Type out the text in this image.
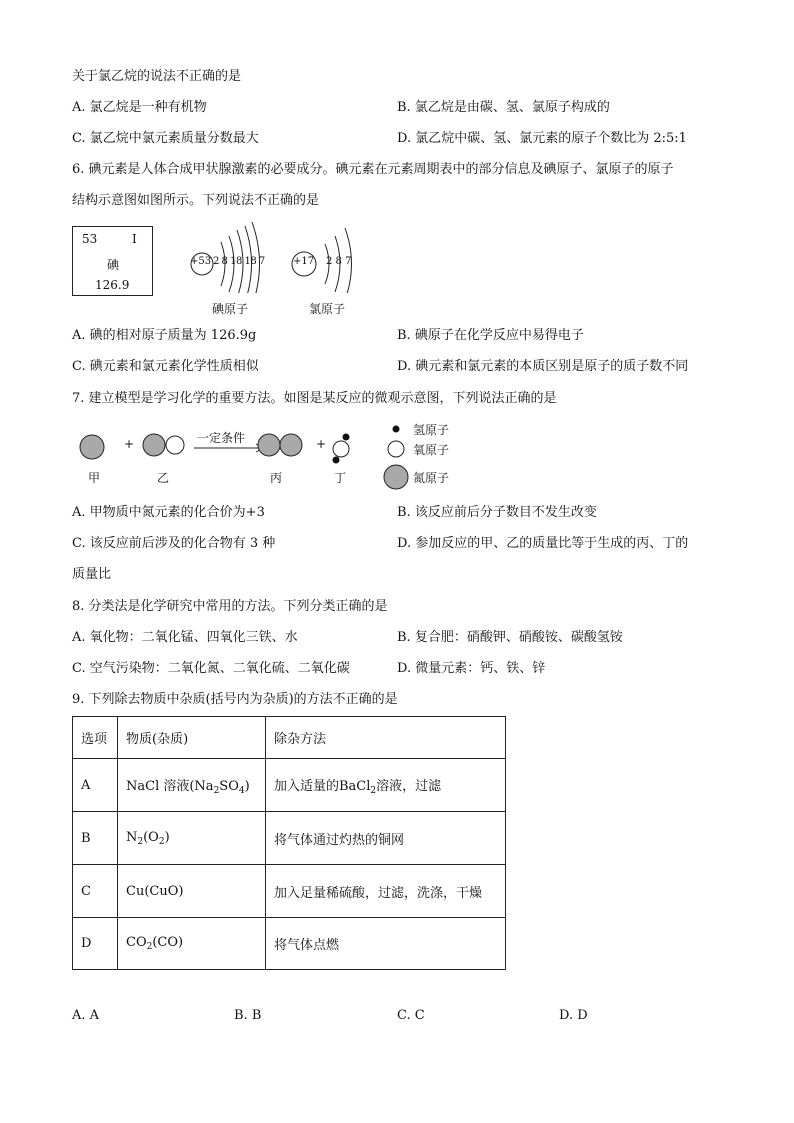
关于氯乙烷的说法不正确的是
A. 氯乙烷是一种有机物	B. 氯乙烷是由碳、氢、氯原子构成的
C. 氯乙烷中氯元素质量分数最大	D. 氯乙烷中碳、氢、氯元素的原子个数比为 2:5:1
6. 碘元素是人体合成甲状腺激素的必要成分。碘元素在元素周期表中的部分信息及碘原子、氯原子的原子
结构示意图如图所示。下列说法不正确的是
53	I
碘
126.9
+53 2 8 18 18 7	+17 2 8 7
碘原子	氯原子
A. 碘的相对原子质量为 126.9g	B. 碘原子在化学反应中易得电子
C. 碘元素和氯元素化学性质相似	D. 碘元素和氯元素的本质区别是原子的质子数不同
7. 建立模型是学习化学的重要方法。如图是某反应的微观示意图，下列说法正确的是
+	+
一定条件
甲	乙	丙	丁
氢原子
氧原子
氮原子
A. 甲物质中氮元素的化合价为+3	B. 该反应前后分子数目不发生改变
C. 该反应前后涉及的化合物有 3 种	D. 参加反应的甲、乙的质量比等于生成的丙、丁的
质量比
8. 分类法是化学研究中常用的方法。下列分类正确的是
A. 氧化物：二氧化锰、四氧化三铁、水	B. 复合肥：硝酸钾、硝酸铵、碳酸氢铵
C. 空气污染物：二氧化氮、二氧化硫、二氧化碳	D. 微量元素：钙、铁、锌
9. 下列除去物质中杂质(括号内为杂质)的方法不正确的是
选项	物质(杂质)	除杂方法
A	NaCl 溶液$(Na_2SO_4)$	加入适量的BaCl$_2$溶液，过滤
B	$N_2(O_2)$	将气体通过灼热的铜网
C	Cu(CuO)	加入足量稀硫酸，过滤，洗涤，干燥
D	$CO_2(CO)$	将气体点燃
A. A	B. B	C. C	D. D
